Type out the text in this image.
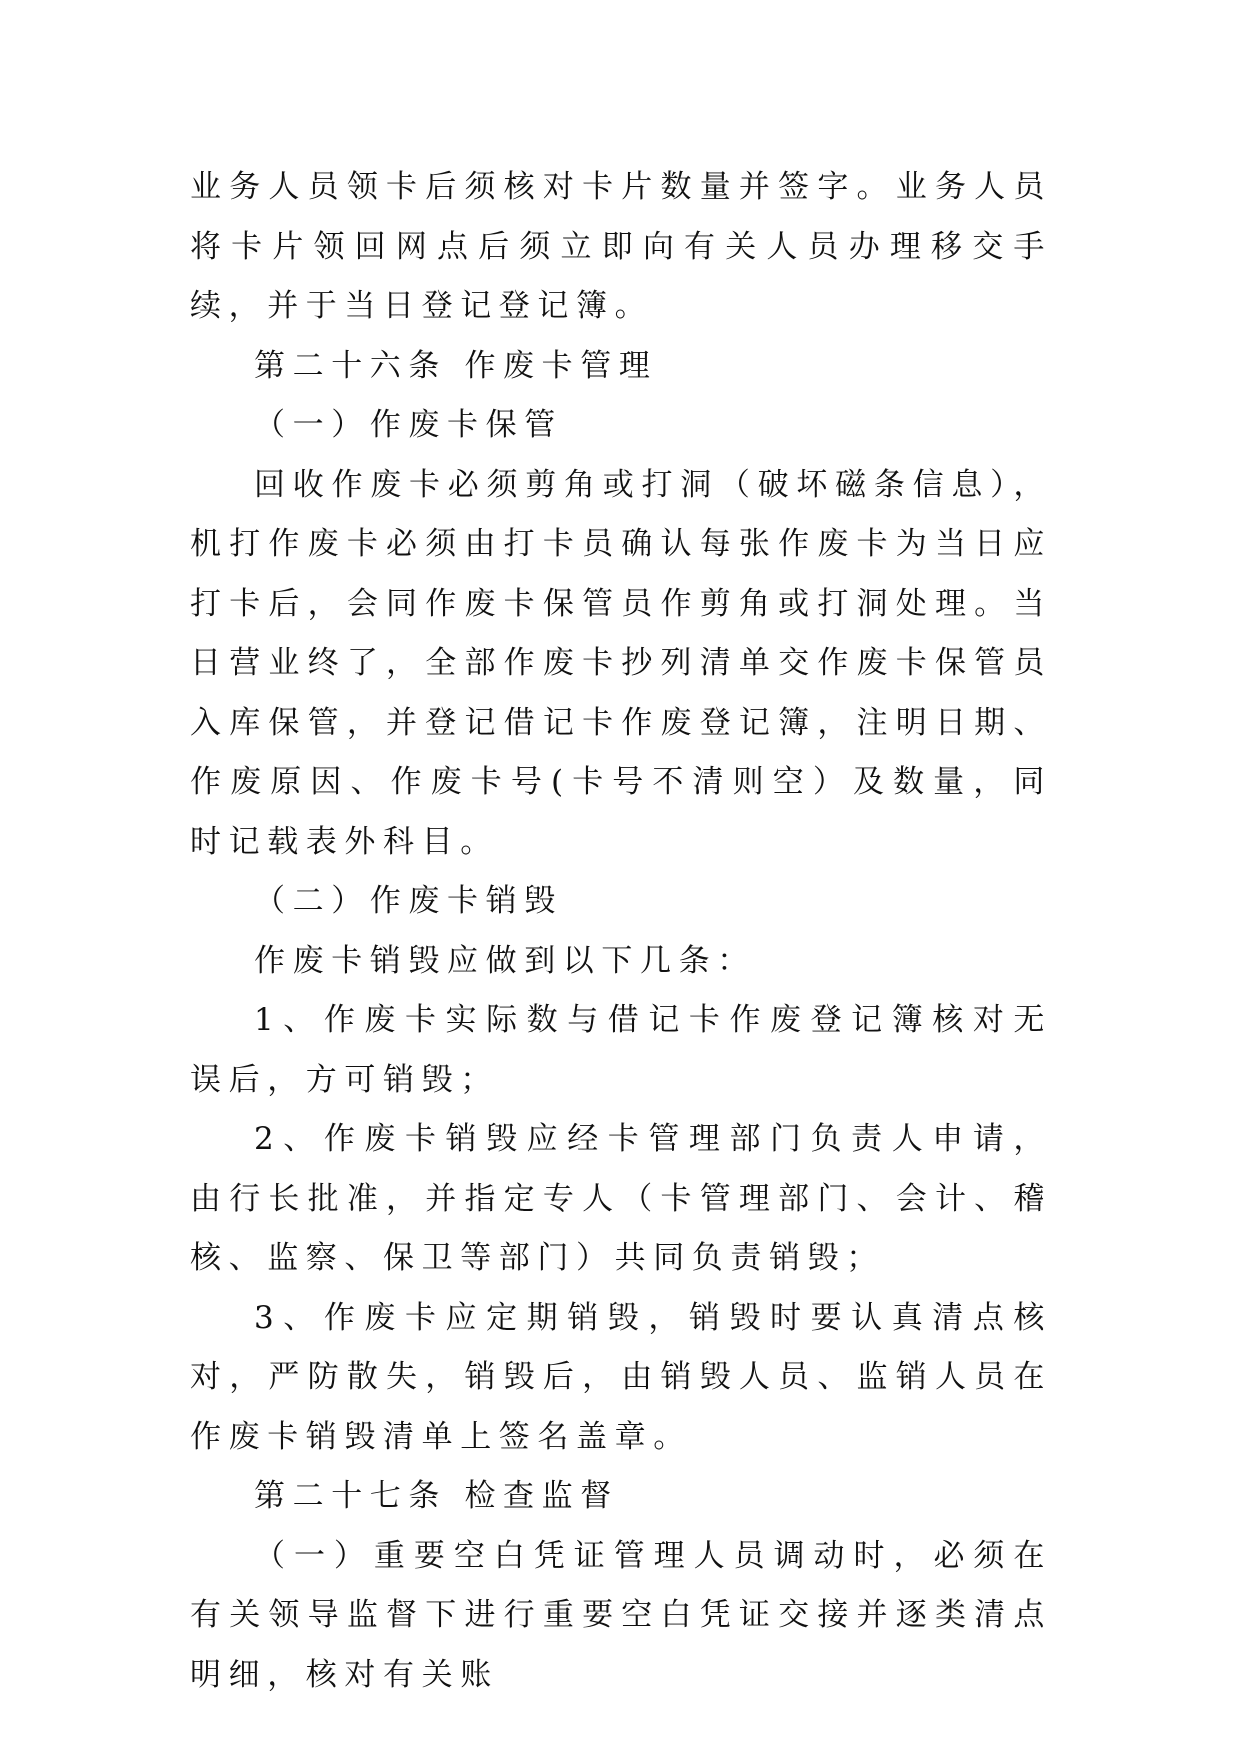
业务人员领卡后须核对卡片数量并签字。业务人员将卡片领回网点后须立即向有关人员办理移交手续，并于当日登记登记簿。

第二十六条 作废卡管理

（一）作废卡保管

回收作废卡必须剪角或打洞（破坏磁条信息），机打作废卡必须由打卡员确认每张作废卡为当日应打卡后，会同作废卡保管员作剪角或打洞处理。当日营业终了，全部作废卡抄列清单交作废卡保管员入库保管，并登记借记卡作废登记簿，注明日期、作废原因、作废卡号(卡号不清则空）及数量，同时记载表外科目。

（二）作废卡销毁

作废卡销毁应做到以下几条：

1、作废卡实际数与借记卡作废登记簿核对无误后，方可销毁；

2、作废卡销毁应经卡管理部门负责人申请，由行长批准，并指定专人（卡管理部门、会计、稽核、监察、保卫等部门）共同负责销毁；

3、作废卡应定期销毁，销毁时要认真清点核对，严防散失，销毁后，由销毁人员、监销人员在作废卡销毁清单上签名盖章。

第二十七条 检查监督

（一）重要空白凭证管理人员调动时，必须在有关领导监督下进行重要空白凭证交接并逐类清点明细，核对有关账
